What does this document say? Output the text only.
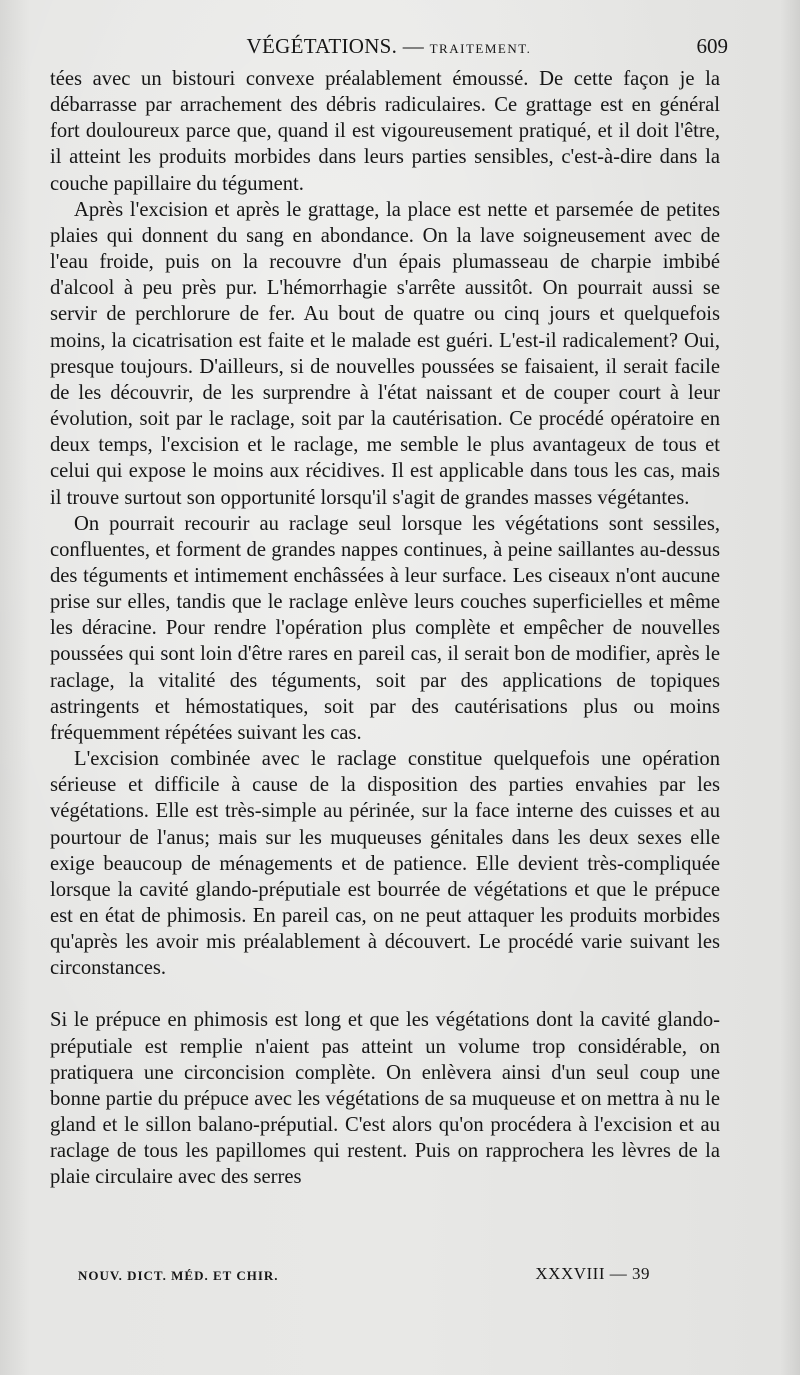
VÉGÉTATIONS. — TRAITEMENT.	609

tées avec un bistouri convexe préalablement émoussé. De cette façon je la débarrasse par arrachement des débris radiculaires. Ce grattage est en général fort douloureux parce que, quand il est vigoureusement pratiqué, et il doit l'être, il atteint les produits morbides dans leurs parties sensibles, c'est-à-dire dans la couche papillaire du tégument.

Après l'excision et après le grattage, la place est nette et parsemée de petites plaies qui donnent du sang en abondance. On la lave soigneusement avec de l'eau froide, puis on la recouvre d'un épais plumasseau de charpie imbibé d'alcool à peu près pur. L'hémorrhagie s'arrête aussitôt. On pourrait aussi se servir de perchlorure de fer. Au bout de quatre ou cinq jours et quelquefois moins, la cicatrisation est faite et le malade est guéri. L'est-il radicalement? Oui, presque toujours. D'ailleurs, si de nouvelles poussées se faisaient, il serait facile de les découvrir, de les surprendre à l'état naissant et de couper court à leur évolution, soit par le raclage, soit par la cautérisation. Ce procédé opératoire en deux temps, l'excision et le raclage, me semble le plus avantageux de tous et celui qui expose le moins aux récidives. Il est applicable dans tous les cas, mais il trouve surtout son opportunité lorsqu'il s'agit de grandes masses végétantes.

On pourrait recourir au raclage seul lorsque les végétations sont sessiles, confluentes, et forment de grandes nappes continues, à peine saillantes au-dessus des téguments et intimement enchâssées à leur surface. Les ciseaux n'ont aucune prise sur elles, tandis que le raclage enlève leurs couches superficielles et même les déracine. Pour rendre l'opération plus complète et empêcher de nouvelles poussées qui sont loin d'être rares en pareil cas, il serait bon de modifier, après le raclage, la vitalité des téguments, soit par des applications de topiques astringents et hémostatiques, soit par des cautérisations plus ou moins fréquemment répétées suivant les cas.

L'excision combinée avec le raclage constitue quelquefois une opération sérieuse et difficile à cause de la disposition des parties envahies par les végétations. Elle est très-simple au périnée, sur la face interne des cuisses et au pourtour de l'anus; mais sur les muqueuses génitales dans les deux sexes elle exige beaucoup de ménagements et de patience. Elle devient très-compliquée lorsque la cavité glando-préputiale est bourrée de végétations et que le prépuce est en état de phimosis. En pareil cas, on ne peut attaquer les produits morbides qu'après les avoir mis préalablement à découvert. Le procédé varie suivant les circonstances.

Si le prépuce en phimosis est long et que les végétations dont la cavité glando-préputiale est remplie n'aient pas atteint un volume trop considérable, on pratiquera une circoncision complète. On enlèvera ainsi d'un seul coup une bonne partie du prépuce avec les végétations de sa muqueuse et on mettra à nu le gland et le sillon balano-préputial. C'est alors qu'on procédera à l'excision et au raclage de tous les papillomes qui restent. Puis on rapprochera les lèvres de la plaie circulaire avec des serres

NOUV. DICT. MÉD. ET CHIR.	XXXVIII — 39
